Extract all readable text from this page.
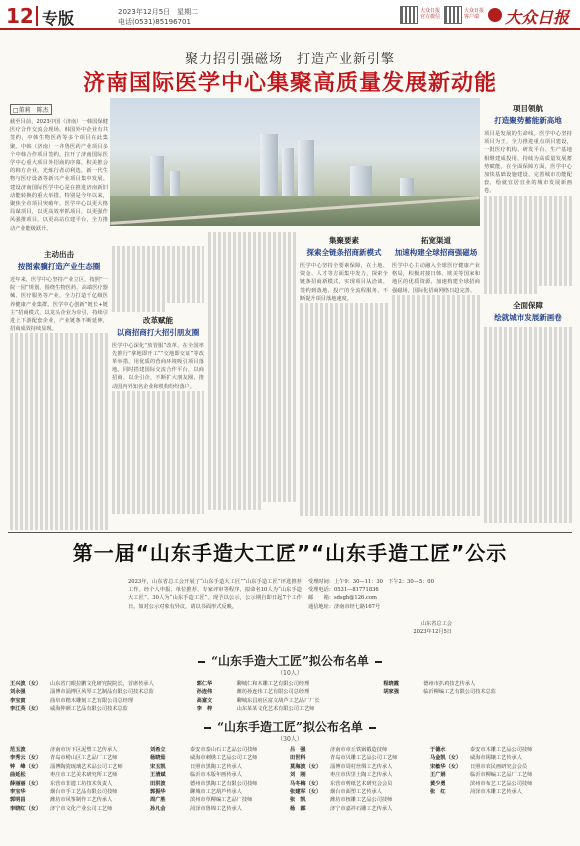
12 专版	2023年12月5日　星期二
电话(0531)85196701
大众日报官方微信
大众日报客户端	大众日报
聚力招引强磁场　打造产业新引擎
济南国际医学中心集聚高质量发展新动能
□董莉　陈杰
截至目前，2023中国（济南）一韩国保健医疗合作交流会现场，韩国外中企业有共签约，中韩生物医药等多个项目在此集聚。中韩（济南）一齐鲁医药产业项目多个中韩合作项目签约。拉开了济南国际医学中心重大项目外招商的序幕，积美推会的韩方企业，光炼行者动利选，新一代生物与医疗设备等新兴产业项目集中发展。建设济南国际医学中心是在推进济南新旧动能转换的重大举措。特别是今年以来，聚焦全市项目突破年，医学中心以更大格局谋项目，以更高效率抓项目，以更强作风强推项目，以更高站位建平台，全力推动产业能级跃升。
项目领航
打造聚势蓄能新高地
项目是发展的生命线。医学中心坚持项目为王，全力推进重点项目建设，一批医疗机构、研发平台、生产基地相继建成投用，持续为高质量发展蓄势赋能。在全面保障方面，医学中心加快基础设施建设，完善城市功能配套，绘就宜居宜业的城市发展新画卷。
全面保障
绘就城市发展新画卷
主动出击
按图索骥打造产业生态圈
近年来，医学中心坚持产业立区，按照“一院一园”规划，围绕生物医药、高端医疗器械、医疗服务等产业，全力打造千亿级医养健康产业集群。医学中心创新“链长+链主”招商模式，以龙头企业为牵引，持续引进上下游配套企业，产业链条不断延伸，招商成效持续显现。
改革赋能
以商招商打大招引朋友圈
医学中心深化“放管服”改革，在全国率先推行“拿地即开工”“交地即交证”等改革举措，用优质的营商环境吸引项目落地。同时搭建国际交流合作平台，以商招商、以企引企，不断扩大朋友圈，推动国内外知名企业和机构纷纷落户。
集聚要素
探索全链条招商新模式
医学中心坚持全要素保障，在土地、资金、人才等方面集中发力，探索全链条招商新模式，实现项目从洽谈、签约到落地、投产的全流程服务，不断提升项目落地速度。
拓宽渠道
加速构建全球招商强磁场
医学中心主动融入全球医疗健康产业格局，积极对接日韩、欧美等国家和地区的优质资源，加速构建全球招商强磁场，国际化招商网络日趋完善。
第一届“山东手造大工匠”“山东手造工匠”公示
2023年，山东省总工会开展了“山东手造大工匠”“山东手造工匠”评选推荐工作。经个人申报、单位推荐、专家评审等程序，拟命名10人为“山东手造大工匠”、30人为“山东手造工匠”。现予以公示，公示期自即日起7个工作日。如对公示对象有异议，请以书面形式反映。
受理时间：上午9：30—11：30　下午2：30—5：00
受理电话：0531—81771836
邮　　箱：sdsgh@126.com
通信地址：济南市经七路167号
山东省总工会
2023年12月5日
“山东手造大工匠”拟公布名单
（10人）
王兴波（女） 山东省门眼拉鹏文化研究院院长，首席传承人
刘永强	淄博市淄博区风琴工艺制品有限公司技术总监
李宝寅	曲阜市楷木雕刻工艺有限公司总经理
李江英（女） 威海仲颜工艺品有限公司技术总监
郭仁华	聊城仁和木雕工艺有限公司经理
孙连伟	潍坊孙连伟工艺有限公司总经理
高富文	聊城东昌府区富文葫芦工艺品厂厂长
李　梓	山东某某文化艺术有限公司工艺师
程晓霞	德州市扒鸡技艺传承人
胡家强	临沂柳编工艺有限公司技术总监
“山东手造工匠”拟公布名单
（30人）
范玉波	济南市历下区泥塑工艺传承人
李秀云（女） 青岛市崂山区工艺品厂工艺师
钟　峰（女） 淄博陶瓷琉璃艺术品公司工艺师
曲延松	枣庄市工艺美术研究所工艺师
薛丽丽（女） 东营市非遗工坊技术负责人
李宝华	烟台市手工艺品有限公司技师
郭明昌	潍坊市风筝制作工艺传承人
李晓红（女） 济宁市文化产业公司工艺师
刘希立	泰安市泰山石工艺品公司技师
杨晓茹	威海市刺绣工艺品公司工艺师
宋玉凯	日照市黑陶工艺传承人
王清斌	临沂市木版年画传承人
田洪波	德州市黑陶工艺有限公司技师
郭振华	聊城市工艺葫芦传承人
周广胜	滨州市草柳编工艺品厂技师
孙凡会	菏泽市鲁锦工艺传承人
吕　强	济南市章丘铁锅锻造技师
田世科	青岛市贝雕工艺品公司工艺师
莫海波（女） 淄博市周村丝绸工艺传承人
刘　刚	枣庄市伏里土陶工艺传承人
马冬梅（女） 东营市剪纸艺术研究会会员
张建军（女） 烟台市面塑工艺传承人
张　凯	潍坊市核雕工艺品公司技师
杨　霖	济宁市嘉祥石雕工艺传承人
于德水	泰安市木雕工艺品公司技师
马金凯（女） 威海市锡镶工艺传承人
宋敏华（女） 日照市农民画研究会会员
王广娟	临沂市柳编工艺品厂工艺师
黄少勇	滨州市布艺工艺品公司技师
张　红	菏泽市木雕工艺传承人
